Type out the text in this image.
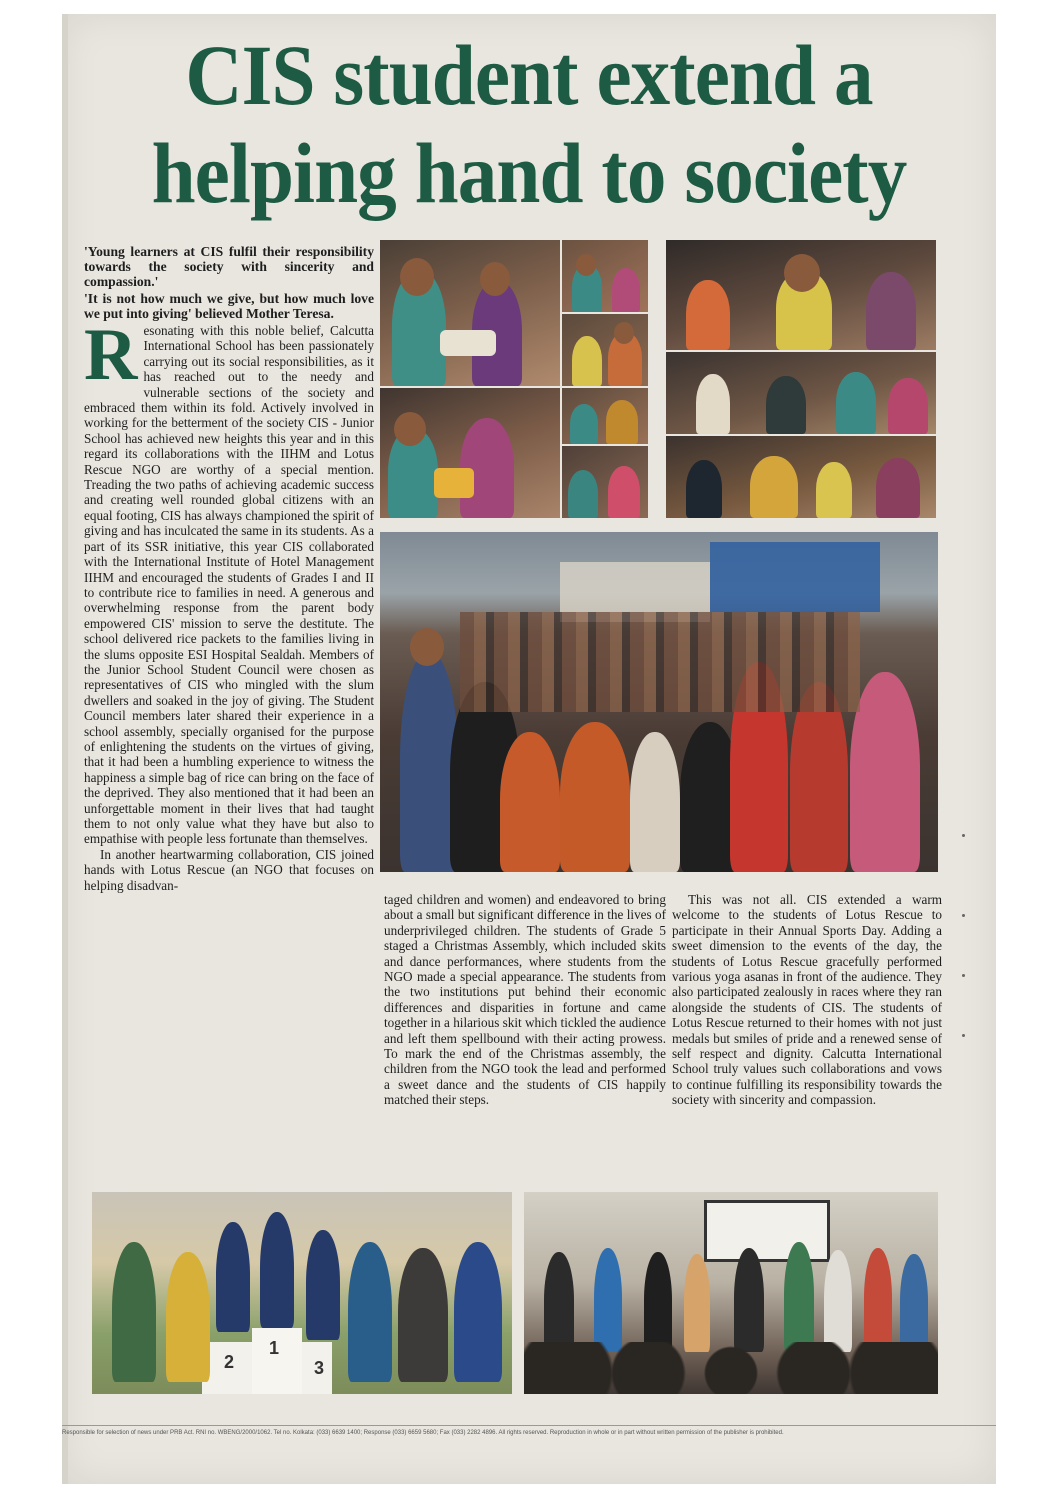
CIS student extend a
helping hand to society

'Young learners at CIS fulfil their responsibility towards the society with sincerity and compassion.'

'It is not how much we give, but how much love we put into giving' believed Mother Teresa.

Resonating with this noble belief, Calcutta International School has been passionately carrying out its social responsibilities, as it has reached out to the needy and vulnerable sections of the society and embraced them within its fold. Actively involved in working for the betterment of the society CIS - Junior School has achieved new heights this year and in this regard its collaborations with the IIHM and Lotus Rescue NGO are worthy of a special mention. Treading the two paths of achieving academic success and creating well rounded global citizens with an equal footing, CIS has always championed the spirit of giving and has inculcated the same in its students. As a part of its SSR initiative, this year CIS collaborated with the International Institute of Hotel Management IIHM and encouraged the students of Grades I and II to contribute rice to families in need. A generous and overwhelming response from the parent body empowered CIS' mission to serve the destitute. The school delivered rice packets to the families living in the slums opposite ESI Hospital Sealdah. Members of the Junior School Student Council were chosen as representatives of CIS who mingled with the slum dwellers and soaked in the joy of giving. The Student Council members later shared their experience in a school assembly, specially organised for the purpose of enlightening the students on the virtues of giving, that it had been a humbling experience to witness the happiness a simple bag of rice can bring on the face of the deprived. They also mentioned that it had been an unforgettable moment in their lives that had taught them to not only value what they have but also to empathise with people less fortunate than themselves.

In another heartwarming collaboration, CIS joined hands with Lotus Rescue (an NGO that focuses on helping disadvan-

taged children and women) and endeavored to bring about a small but significant difference in the lives of underprivileged children. The students of Grade 5 staged a Christmas Assembly, which included skits and dance performances, where students from the NGO made a special appearance. The students from the two institutions put behind their economic differences and disparities in fortune and came together in a hilarious skit which tickled the audience and left them spellbound with their acting prowess. To mark the end of the Christmas assembly, the children from the NGO took the lead and performed a sweet dance and the students of CIS happily matched their steps.

This was not all. CIS extended a warm welcome to the students of Lotus Rescue to participate in their Annual Sports Day. Adding a sweet dimension to the events of the day, the students of Lotus Rescue gracefully performed various yoga asanas in front of the audience. They also participated zealously in races where they ran alongside the students of CIS. The students of Lotus Rescue returned to their homes with not just medals but smiles of pride and a renewed sense of self respect and dignity. Calcutta International School truly values such collaborations and vows to continue fulfilling its responsibility towards the society with sincerity and compassion.

2
1
3
Responsible for selection of news under PRB Act. RNI no. WBENG/2000/1062. Tel no. Kolkata: (033) 6639 1400; Response (033) 6659 5680; Fax (033) 2282 4896. All rights reserved. Reproduction in whole or in part without written permission of the publisher is prohibited.
